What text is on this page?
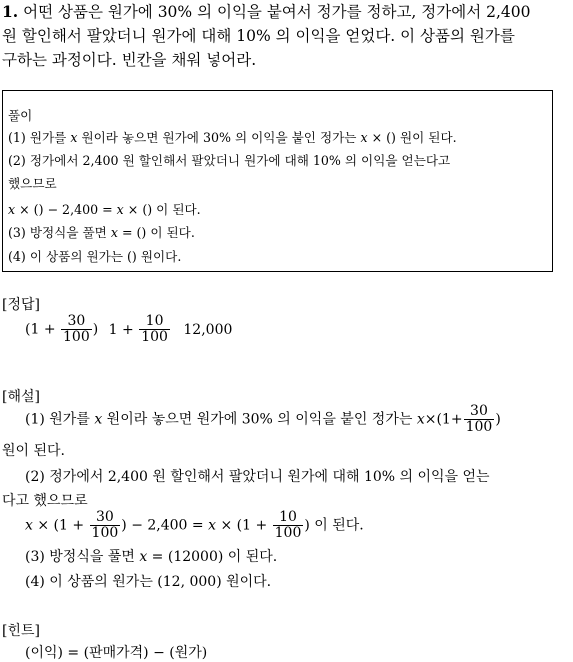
1. 어떤 상품은 원가에 30% 의 이익을 붙여서 정가를 정하고, 정가에서 2,400
원 할인해서 팔았더니 원가에 대해 10% 의 이익을 얻었다. 이 상품의 원가를
구하는 과정이다. 빈칸을 채워 넣어라.
풀이
(1) 원가를 x 원이라 놓으면 원가에 30% 의 이익을 붙인 정가는 x × () 원이 된다.
(2) 정가에서 2,400 원 할인해서 팔았더니 원가에 대해 10% 의 이익을 얻는다고
했으므로
x × () − 2,400 = x × () 이 된다.
(3) 방정식을 풀면 x = () 이 된다.
(4) 이 상품의 원가는 () 원이다.
[정답]
($1 + \frac{30}{100}$ ) $1 + \frac{10}{100} 12,000$
[해설]
(1) 원가를 x 원이라 놓으면 원가에 30% 의 이익을 붙인 정가는 $x\times(1+ \frac{30}{100}$ )
원이 된다.
(2) 정가에서 2,400 원 할인해서 팔았더니 원가에 대해 10% 의 이익을 얻는
다고 했으므로
$x \times (1 + \frac{30}{100}$ ) − $2,400 = x \times (1 + \frac{10}{100}$ ) 이 된다.
(3) 방정식을 풀면 x = (12000) 이 된다.
(4) 이 상품의 원가는 (12, 000) 원이다.
[힌트]
(이익) = (판매가격) − (원가)
